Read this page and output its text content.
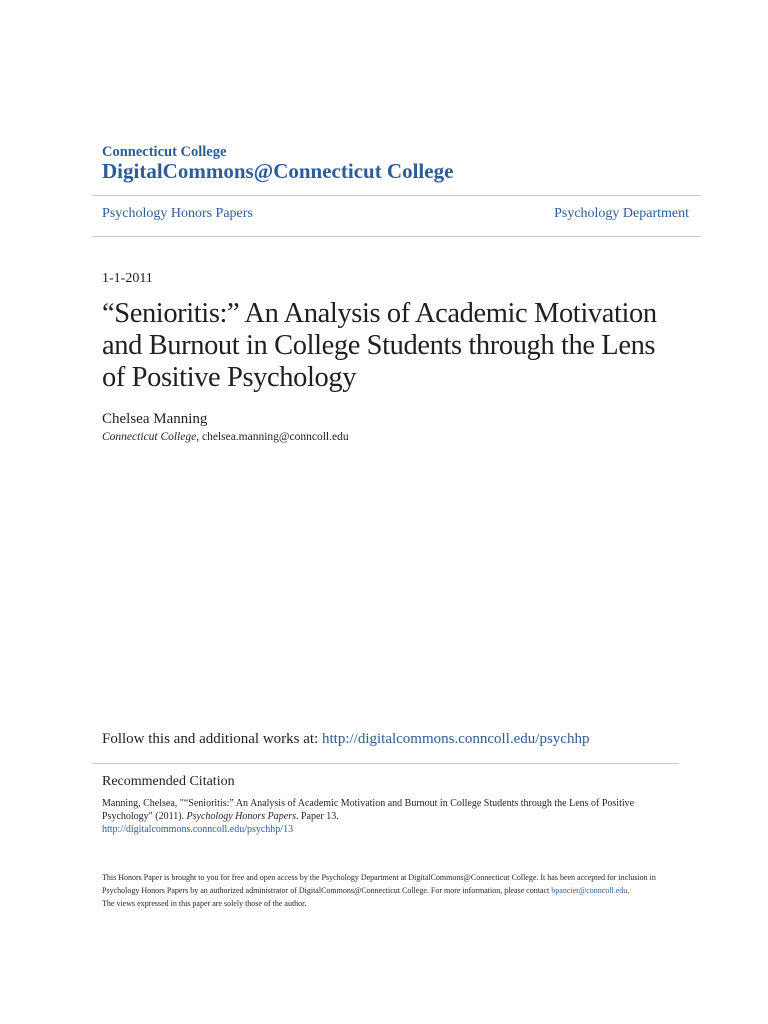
Connecticut College
DigitalCommons@Connecticut College
Psychology Honors Papers	Psychology Department
1-1-2011
“Senioritis:” An Analysis of Academic Motivation and Burnout in College Students through the Lens of Positive Psychology
Chelsea Manning
Connecticut College, chelsea.manning@conncoll.edu
Follow this and additional works at: http://digitalcommons.conncoll.edu/psychhp
Recommended Citation
Manning, Chelsea, "“Senioritis:” An Analysis of Academic Motivation and Burnout in College Students through the Lens of Positive Psychology" (2011). Psychology Honors Papers. Paper 13.
http://digitalcommons.conncoll.edu/psychhp/13
This Honors Paper is brought to you for free and open access by the Psychology Department at DigitalCommons@Connecticut College. It has been accepted for inclusion in Psychology Honors Papers by an authorized administrator of DigitalCommons@Connecticut College. For more information, please contact bpancier@conncoll.edu.
The views expressed in this paper are solely those of the author.
